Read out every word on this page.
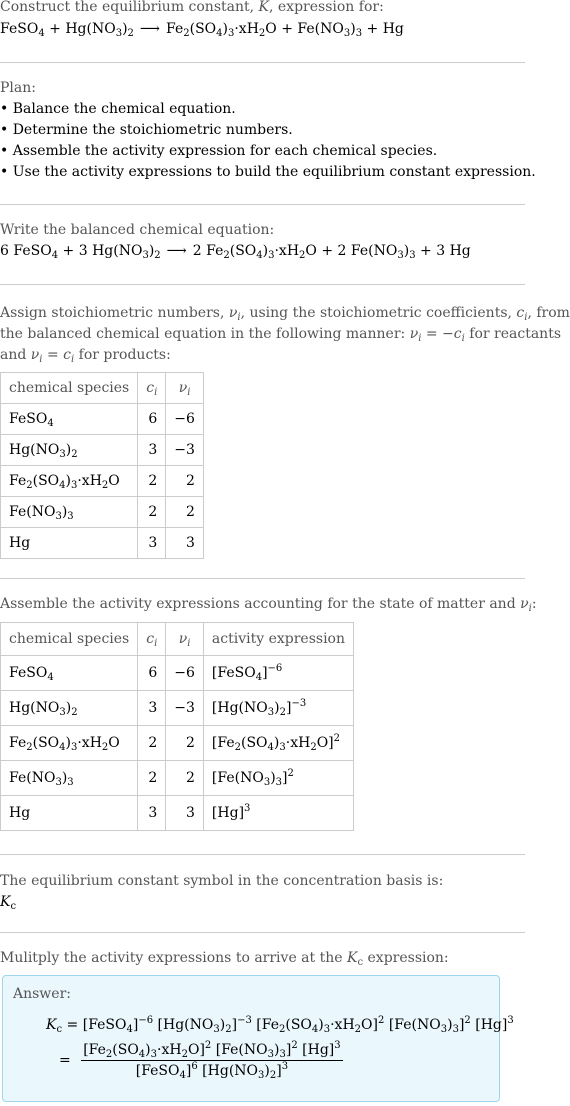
Construct the equilibrium constant, K, expression for:
FeSO$_4$ + $Hg(NO_3)_2$ ⟶ $Fe_2(SO_4)_3\cdot xH_2O + Fe(NO_3)_3 + Hg$
Plan:
• Balance the chemical equation.
• Determine the stoichiometric numbers.
• Assemble the activity expression for each chemical species.
• Use the activity expressions to build the equilibrium constant expression.
Write the balanced chemical equation:
6 FeSO$_4$ + 3 $Hg(NO_3)_2$ ⟶ 2 $Fe_2(SO_4)_3\cdot xH_2O + 2$ $Fe(NO_3)_3 + 3$ Hg
Assign stoichiometric numbers, $\nu_i$, using the stoichiometric coefficients, $c_i$, from
the balanced chemical equation in the following manner: $\nu_i = -c_i$ for reactants
and $\nu_i = c_i$ for products:
chemical species	$c_i$	$\nu_i$
FeSO$_4$	6	−6
$Hg(NO_3)_2$	3	−3
$Fe_2(SO_4)_3\cdot xH_2O$	2	2
$Fe(NO_3)_3$	2	2
Hg	3	3
Assemble the activity expressions accounting for the state of matter and $\nu_i$:
chemical species	$c_i$	$\nu_i$	activity expression
FeSO$_4$	6	−6	[FeSO$_4$]$^{-6}$
$Hg(NO_3)_2$	3	−3	$[Hg(NO_3)_2]^{-3}$
$Fe_2(SO_4)_3\cdot xH_2O$	2	2	$[Fe_2(SO_4)_3\cdot xH_2O]^2$
$Fe(NO_3)_3$	2	2	$[Fe(NO_3)_3]^2$
Hg	3	3	$[Hg]^3$
The equilibrium constant symbol in the concentration basis is:
$K_c$
Mulitply the activity expressions to arrive at the $K_c$ expression:
Answer:
$K_c$ = [FeSO$_4$]$^{-6}$ $[Hg(NO_3)_2]^{-3}$ $[Fe_2(SO_4)_3\cdot xH_2O]^2$ $[Fe(NO_3)_3]^2$ $[Hg]^3$
= $\frac{[Fe_2(SO_4)_3\cdot xH_2O]^2 [Fe(NO_3)_3]^2 [Hg]^3}{[FeSO_4]^6 [Hg(NO_3)_2]^3}$
